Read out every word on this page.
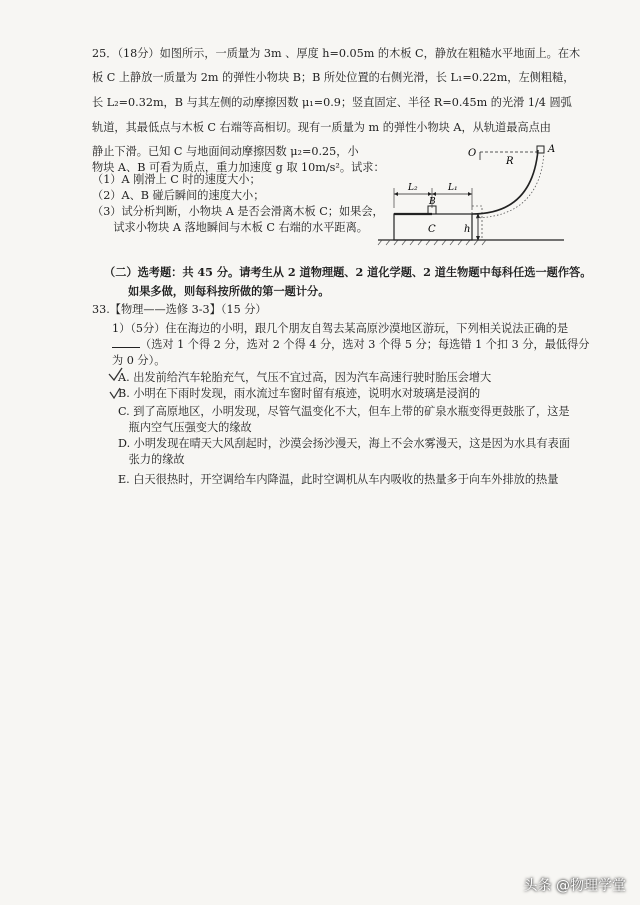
25．（18分）如图所示，一质量为 3m 、厚度 h=0.05m 的木板 C，静放在粗糙水平地面上。在木
板 C 上静放一质量为 2m 的弹性小物块 B；B 所处位置的右侧光滑，长 L₁=0.22m，左侧粗糙，
长 L₂=0.32m，B 与其左侧的动摩擦因数 μ₁=0.9；竖直固定、半径 R=0.45m 的光滑 1/4 圆弧
轨道，其最低点与木板 C 右端等高相切。现有一质量为 m 的弹性小物块 A，从轨道最高点由
静止下滑。已知 C 与地面间动摩擦因数 μ₂=0.25，小
物块 A、B 可看为质点，重力加速度 g 取 10m/s²。试求：
（1）A 刚滑上 C 时的速度大小；
（2）A、B 碰后瞬间的速度大小；
（3）试分析判断，小物块 A 是否会滑离木板 C；如果会，
试求小物块 A 落地瞬间与木板 C 右端的水平距离。
O
R
A
L₂	L₁
B
C	h
（二）选考题：共 45 分。请考生从 2 道物理题、2 道化学题、2 道生物题中每科任选一题作答。
如果多做，则每科按所做的第一题计分。
33.【物理——选修 3-3】（15 分）
1）（5分）住在海边的小明，跟几个朋友自驾去某高原沙漠地区游玩，下列相关说法正确的是
（选对 1 个得 2 分，选对 2 个得 4 分，选对 3 个得 5 分；每选错 1 个扣 3 分，最低得分
为 0 分）。
A. 出发前给汽车轮胎充气，气压不宜过高，因为汽车高速行驶时胎压会增大
B. 小明在下雨时发现，雨水流过车窗时留有痕迹，说明水对玻璃是浸润的
C. 到了高原地区，小明发现，尽管气温变化不大，但车上带的矿泉水瓶变得更鼓胀了，这是
瓶内空气压强变大的缘故
D. 小明发现在晴天大风刮起时，沙漠会扬沙漫天，海上不会水雾漫天，这是因为水具有表面
张力的缘故
E. 白天很热时，开空调给车内降温，此时空调机从车内吸收的热量多于向车外排放的热量
头条 @物理学堂
